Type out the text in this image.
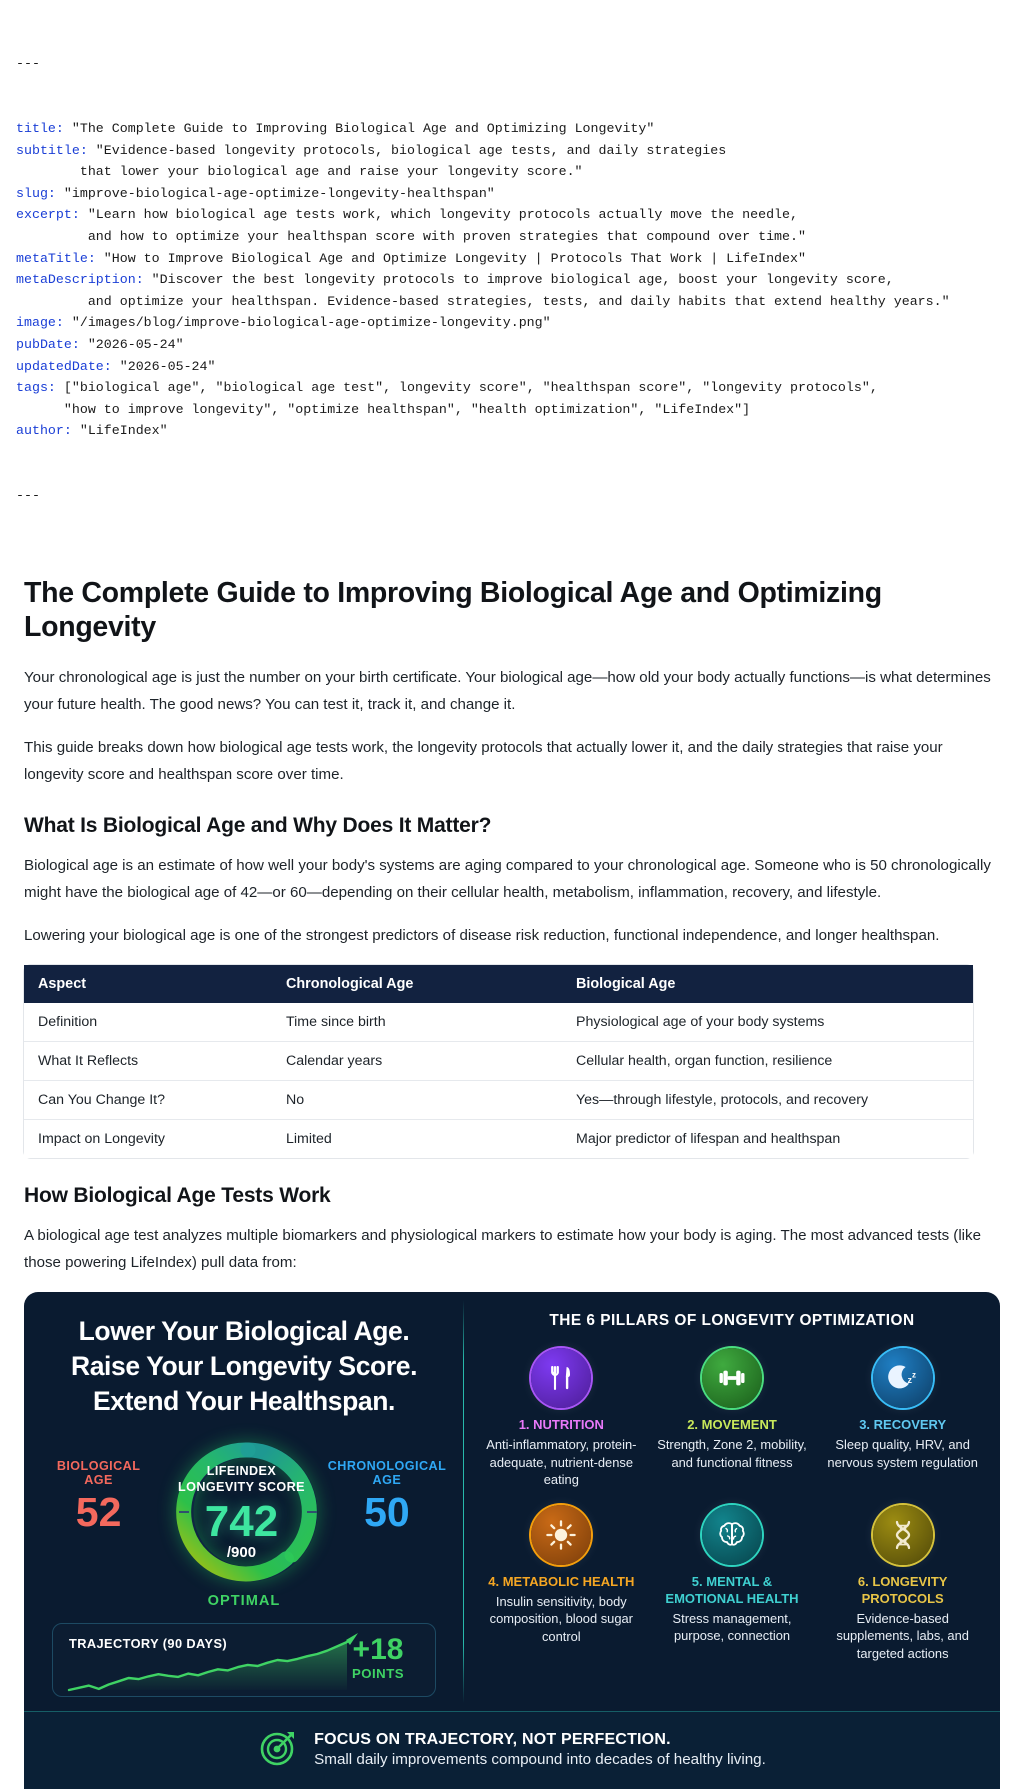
---

title: "The Complete Guide to Improving Biological Age and Optimizing Longevity"
subtitle: "Evidence-based longevity protocols, biological age tests, and daily strategies
that lower your biological age and raise your longevity score."
slug: "improve-biological-age-optimize-longevity-healthspan"
excerpt: "Learn how biological age tests work, which longevity protocols actually move the needle,
and how to optimize your healthspan score with proven strategies that compound over time."
metaTitle: "How to Improve Biological Age and Optimize Longevity | Protocols That Work | LifeIndex"
metaDescription: "Discover the best longevity protocols to improve biological age, boost your longevity score,
and optimize your healthspan. Evidence-based strategies, tests, and daily habits that extend healthy years."
image: "/images/blog/improve-biological-age-optimize-longevity.png"
pubDate: "2026-05-24"
updatedDate: "2026-05-24"
tags: ["biological age", "biological age test", longevity score", "healthspan score", "longevity protocols",
"how to improve longevity", "optimize healthspan", "health optimization", "LifeIndex"]
author: "LifeIndex"

---

The Complete Guide to Improving Biological Age and Optimizing Longevity

Your chronological age is just the number on your birth certificate. Your biological age—how old your body actually functions—is what determines your future health. The good news? You can test it, track it, and change it.

This guide breaks down how biological age tests work, the longevity protocols that actually lower it, and the daily strategies that raise your longevity score and healthspan score over time.

What Is Biological Age and Why Does It Matter?

Biological age is an estimate of how well your body's systems are aging compared to your chronological age. Someone who is 50 chronologically might have the biological age of 42—or 60—depending on their cellular health, metabolism, inflammation, recovery, and lifestyle.

Lowering your biological age is one of the strongest predictors of disease risk reduction, functional independence, and longer healthspan.

Aspect	Chronological Age	Biological Age
Definition	Time since birth	Physiological age of your body systems
What It Reflects	Calendar years	Cellular health, organ function, resilience
Can You Change It?	No	Yes—through lifestyle, protocols, and recovery
Impact on Longevity	Limited	Major predictor of lifespan and healthspan
How Biological Age Tests Work

A biological age test analyzes multiple biomarkers and physiological markers to estimate how your body is aging. The most advanced tests (like those powering LifeIndex) pull data from:

Lower Your Biological Age.
Raise Your Longevity Score.
Extend Your Healthspan.
BIOLOGICAL AGE
52
LIFEINDEX
LONGEVITY SCORE
742
/900
CHRONOLOGICAL AGE
50
OPTIMAL
TRAJECTORY (90 DAYS)	+18
POINTS
THE 6 PILLARS OF LONGEVITY OPTIMIZATION
1. NUTRITION
Anti-inflammatory, protein-adequate, nutrient-dense eating
2. MOVEMENT
Strength, Zone 2, mobility, and functional fitness
z z
3. RECOVERY
Sleep quality, HRV, and nervous system regulation
4. METABOLIC HEALTH
Insulin sensitivity, body composition, blood sugar control
5. MENTAL & EMOTIONAL HEALTH
Stress management, purpose, connection
6. LONGEVITY PROTOCOLS
Evidence-based supplements, labs, and targeted actions
FOCUS ON TRAJECTORY, NOT PERFECTION.
Small daily improvements compound into decades of healthy living.
